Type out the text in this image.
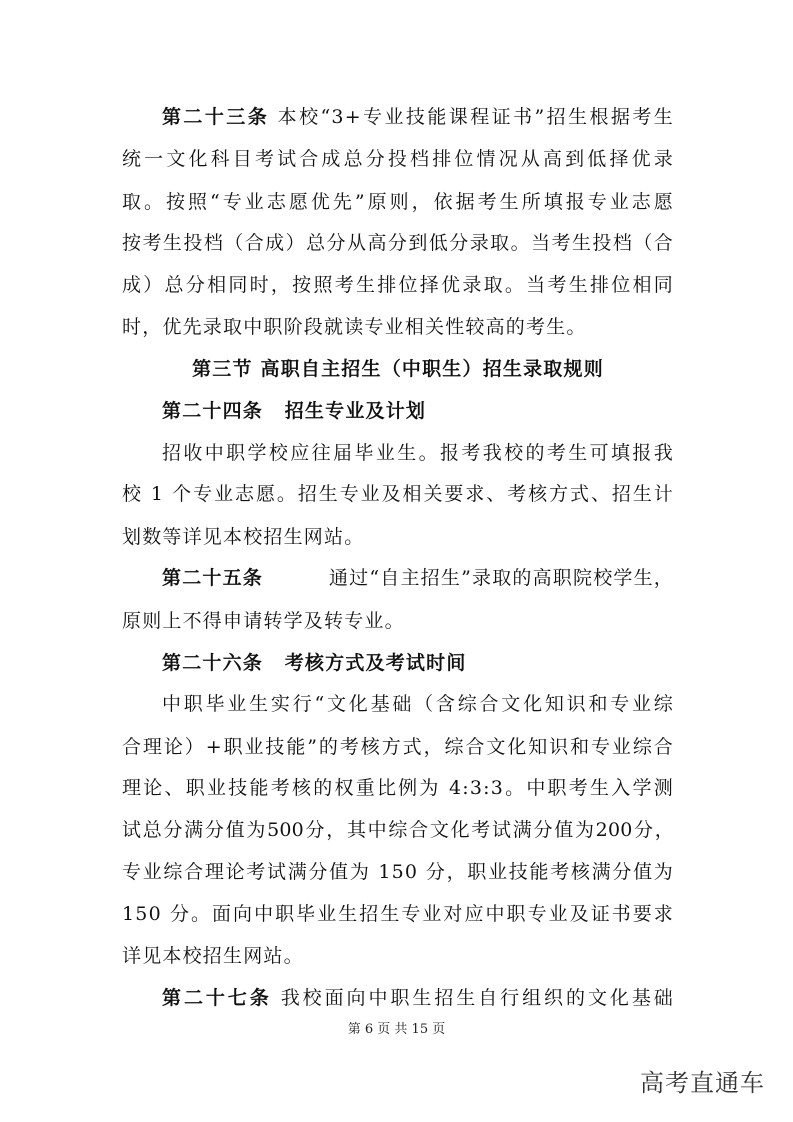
第二十三条 本校“3+专业技能课程证书”招生根据考生
统一文化科目考试合成总分投档排位情况从高到低择优录
取。按照“专业志愿优先”原则，依据考生所填报专业志愿
按考生投档（合成）总分从高分到低分录取。当考生投档（合
成）总分相同时，按照考生排位择优录取。当考生排位相同
时，优先录取中职阶段就读专业相关性较高的考生。
第三节 高职自主招生（中职生）招生录取规则
第二十四条 招生专业及计划
招收中职学校应往届毕业生。报考我校的考生可填报我
校 1 个专业志愿。招生专业及相关要求、考核方式、招生计
划数等详见本校招生网站。
第二十五条	通过“自主招生”录取的高职院校学生，
原则上不得申请转学及转专业。
第二十六条 考核方式及考试时间
中职毕业生实行“文化基础（含综合文化知识和专业综
合理论）+职业技能”的考核方式，综合文化知识和专业综合
理论、职业技能考核的权重比例为 4:3:3。中职考生入学测
试总分满分值为500分，其中综合文化考试满分值为200分，
专业综合理论考试满分值为 150 分，职业技能考核满分值为
150 分。面向中职毕业生招生专业对应中职专业及证书要求
详见本校招生网站。
第二十七条 我校面向中职生招生自行组织的文化基础
第 6 页 共 15 页
高考直通车
